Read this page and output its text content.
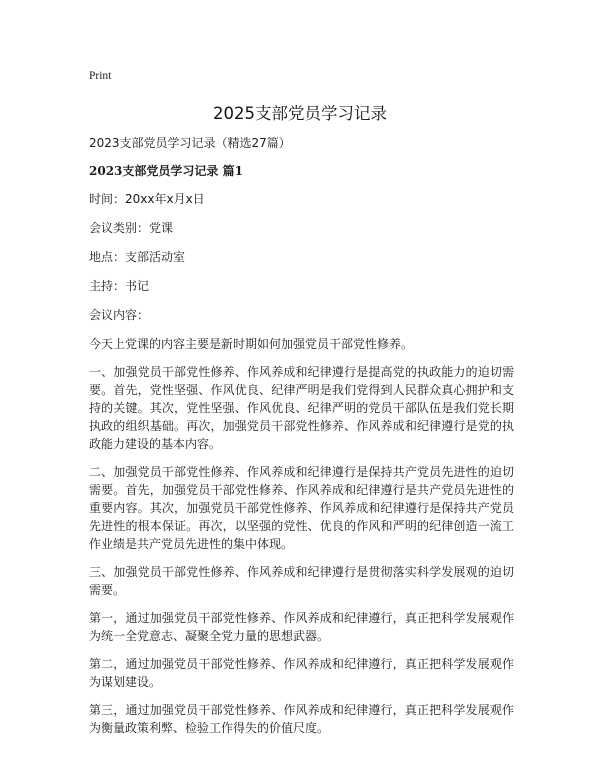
Print
2025支部党员学习记录

2023支部党员学习记录（精选27篇）

2023支部党员学习记录 篇1

时间：20xx年x月x日

会议类别：党课

地点：支部活动室

主持：书记

会议内容：

今天上党课的内容主要是新时期如何加强党员干部党性修养。

一、加强党员干部党性修养、作风养成和纪律遵行是提高党的执政能力的迫切需要。首先，党性坚强、作风优良、纪律严明是我们党得到人民群众真心拥护和支持的关键。其次，党性坚强、作风优良、纪律严明的党员干部队伍是我们党长期执政的组织基础。再次，加强党员干部党性修养、作风养成和纪律遵行是党的执政能力建设的基本内容。

二、加强党员干部党性修养、作风养成和纪律遵行是保持共产党员先进性的迫切需要。首先，加强党员干部党性修养、作风养成和纪律遵行是共产党员先进性的重要内容。其次，加强党员干部党性修养、作风养成和纪律遵行是保持共产党员先进性的根本保证。再次，以坚强的党性、优良的作风和严明的纪律创造一流工作业绩是共产党员先进性的集中体现。

三、加强党员干部党性修养、作风养成和纪律遵行是贯彻落实科学发展观的迫切需要。

第一，通过加强党员干部党性修养、作风养成和纪律遵行，真正把科学发展观作为统一全党意志、凝聚全党力量的思想武器。

第二，通过加强党员干部党性修养、作风养成和纪律遵行，真正把科学发展观作为谋划建设。

第三，通过加强党员干部党性修养、作风养成和纪律遵行，真正把科学发展观作为衡量政策利弊、检验工作得失的价值尺度。
